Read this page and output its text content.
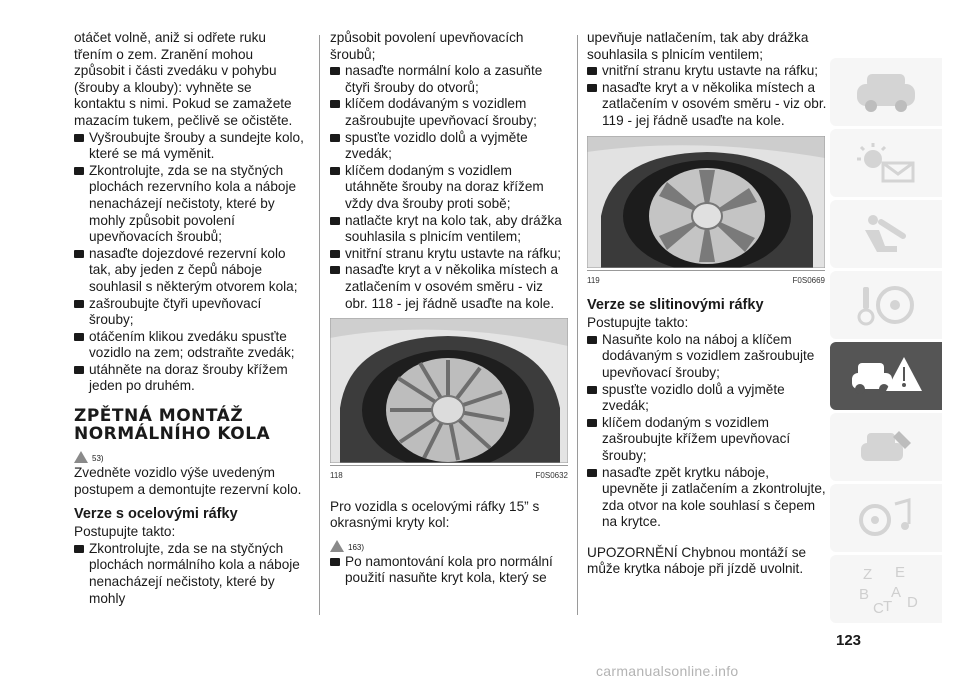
otáčet volně, aniž si odřete ruku třením o zem. Zranění mohou způsobit i části zvedáku v pohybu (šrouby a klouby): vyhněte se kontaktu s nimi. Pokud se zamažete mazacím tukem, pečlivě se očistěte.

Vyšroubujte šrouby a sundejte kolo, které se má vyměnit.

Zkontrolujte, zda se na styčných plochách rezervního kola a náboje nenacházejí nečistoty, které by mohly způsobit povolení upevňovacích šroubů;

nasaďte dojezdové rezervní kolo tak, aby jeden z čepů náboje souhlasil s některým otvorem kola;

zašroubujte čtyři upevňovací šrouby;

otáčením klikou zvedáku spusťte vozidlo na zem; odstraňte zvedák;

utáhněte na doraz šrouby křížem jeden po druhém.

ZPĚTNÁ MONTÁŽ NORMÁLNÍHO KOLA
53)

Zvedněte vozidlo výše uvedeným postupem a demontujte rezervní kolo.

Verze s ocelovými ráfky

Postupujte takto:

Zkontrolujte, zda se na styčných plochách normálního kola a náboje nenacházejí nečistoty, které by mohly

způsobit povolení upevňovacích šroubů;

nasaďte normální kolo a zasuňte čtyři šrouby do otvorů;

klíčem dodávaným s vozidlem zašroubujte upevňovací šrouby;

spusťte vozidlo dolů a vyjměte zvedák;

klíčem dodaným s vozidlem utáhněte šrouby na doraz křížem vždy dva šrouby proti sobě;

natlačte kryt na kolo tak, aby drážka souhlasila s plnicím ventilem;

vnitřní stranu krytu ustavte na ráfku;

nasaďte kryt a v několika místech a zatlačením v osovém směru - viz obr. 118 - jej řádně usaďte na kole.

118	F0S0632

Pro vozidla s ocelovými ráfky 15” s okrasnými kryty kol:

163)

Po namontování kola pro normální použití nasuňte kryt kola, který se

upevňuje natlačením, tak aby drážka souhlasila s plnicím ventilem;

vnitřní stranu krytu ustavte na ráfku;

nasaďte kryt a v několika místech a zatlačením v osovém směru - viz obr. 119 - jej řádně usaďte na kole.

119	F0S0669
Verze se slitinovými ráfky

Postupujte takto:

Nasuňte kolo na náboj a klíčem dodávaným s vozidlem zašroubujte upevňovací šrouby;

spusťte vozidlo dolů a vyjměte zvedák;

klíčem dodaným s vozidlem zašroubujte křížem upevňovací šrouby;

nasaďte zpět krytku náboje, upevněte ji zatlačením a zkontrolujte, zda otvor na kole souhlasí s čepem na krytce.

UPOZORNĚNÍ Chybnou montáží se může krytka náboje při jízdě uvolnit.	Z E
B
C T
A
D
123
carmanualsonline.info
